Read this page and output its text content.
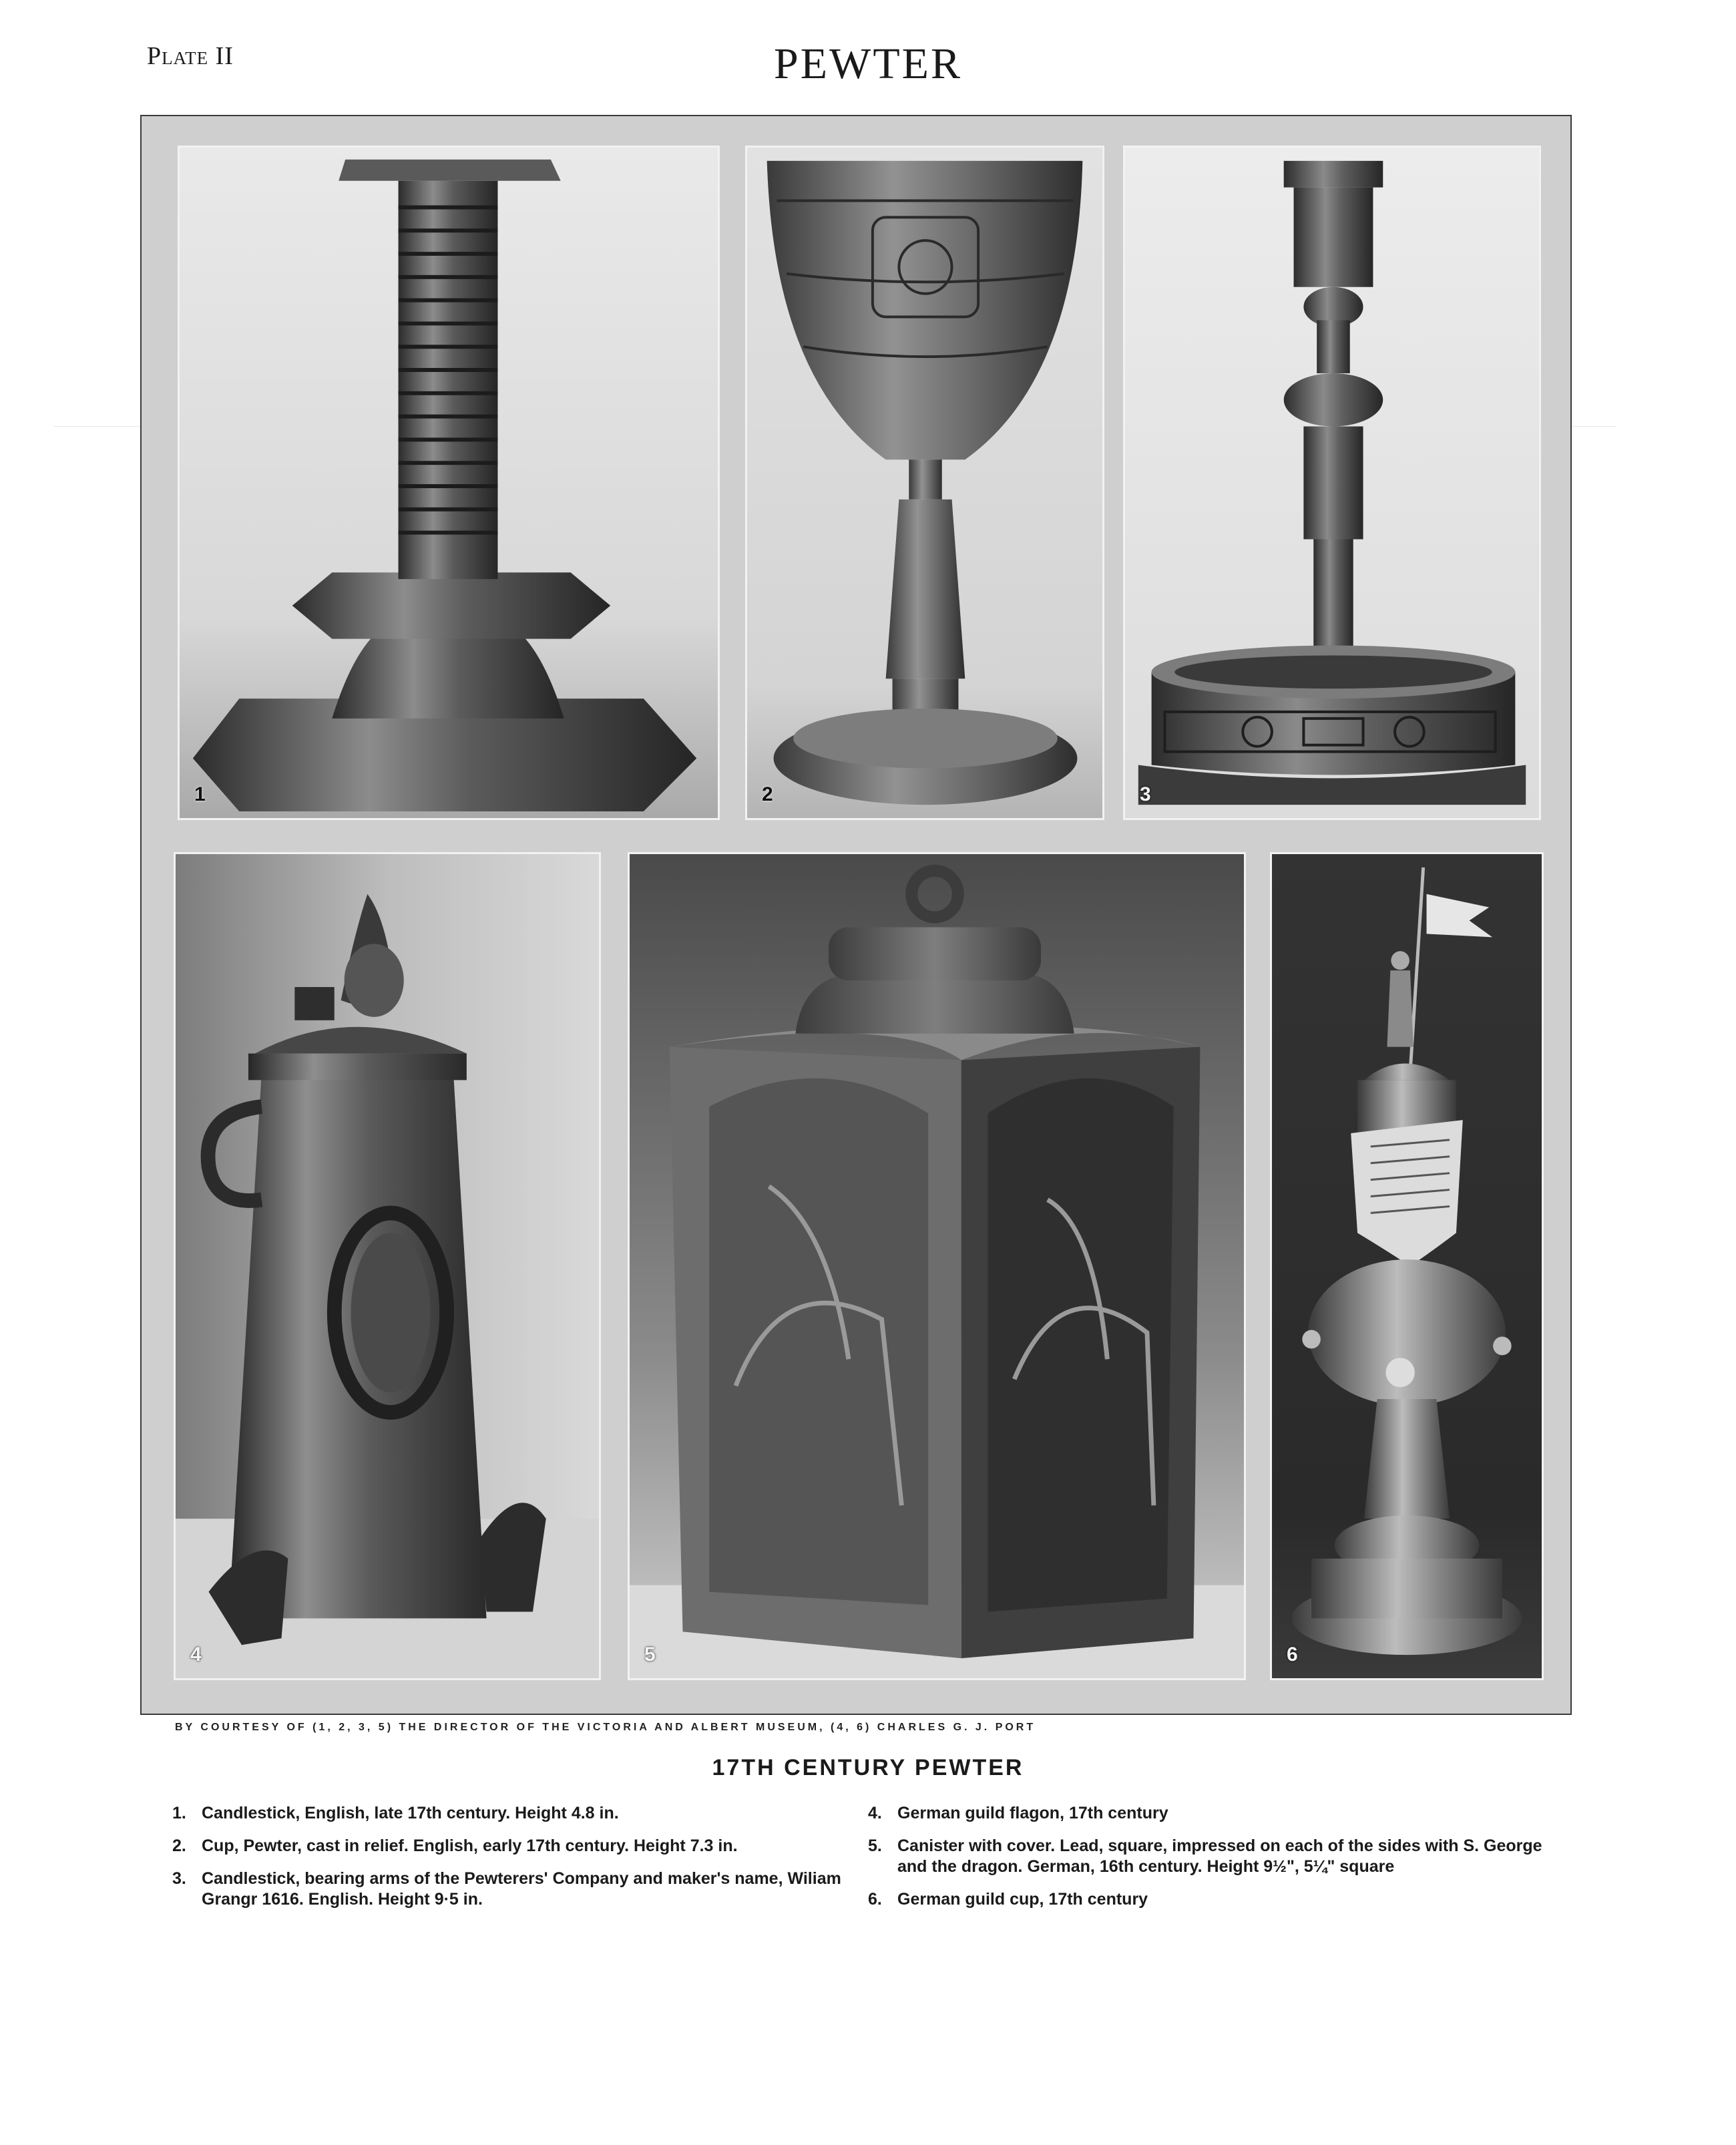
Plate II	PEWTER
1	2	3
4	5	6
BY COURTESY OF (1, 2, 3, 5) THE DIRECTOR OF THE VICTORIA AND ALBERT MUSEUM, (4, 6) CHARLES G. J. PORT
17TH CENTURY PEWTER
1. Candlestick, English, late 17th century. Height 4.8 in.
2. Cup, Pewter, cast in relief. English, early 17th century. Height 7.3 in.
3. Candlestick, bearing arms of the Pewterers' Company and maker's name, Wiliam Grangr 1616. English. Height 9·5 in.
4. German guild flagon, 17th century
5. Canister with cover. Lead, square, impressed on each of the sides with S. George and the dragon. German, 16th century. Height 9½", 5¼" square
6. German guild cup, 17th century
